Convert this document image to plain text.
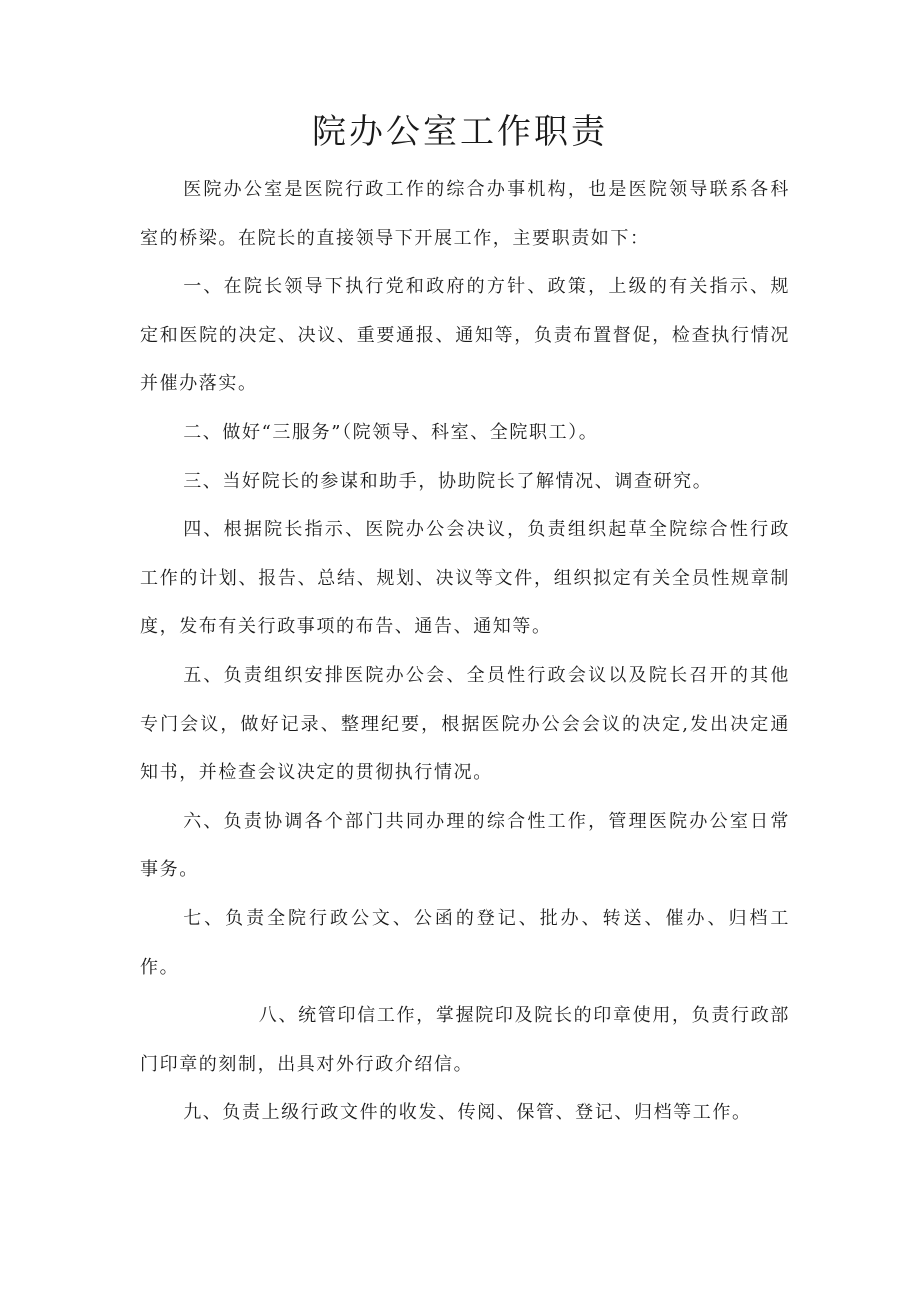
院办公室工作职责

医院办公室是医院行政工作的综合办事机构，也是医院领导联系各科室的桥梁。在院长的直接领导下开展工作，主要职责如下：

一、在院长领导下执行党和政府的方针、政策，上级的有关指示、规定和医院的决定、决议、重要通报、通知等，负责布置督促，检查执行情况并催办落实。

二、做好“三服务”（院领导、科室、全院职工）。

三、当好院长的参谋和助手，协助院长了解情况、调查研究。

四、根据院长指示、医院办公会决议，负责组织起草全院综合性行政工作的计划、报告、总结、规划、决议等文件，组织拟定有关全员性规章制度，发布有关行政事项的布告、通告、通知等。

五、负责组织安排医院办公会、全员性行政会议以及院长召开的其他专门会议，做好记录、整理纪要，根据医院办公会会议的决定,发出决定通知书，并检查会议决定的贯彻执行情况。

六、负责协调各个部门共同办理的综合性工作，管理医院办公室日常事务。

七、负责全院行政公文、公函的登记、批办、转送、催办、归档工作。

八、统管印信工作，掌握院印及院长的印章使用，负责行政部门印章的刻制，出具对外行政介绍信。

九、负责上级行政文件的收发、传阅、保管、登记、归档等工作。
